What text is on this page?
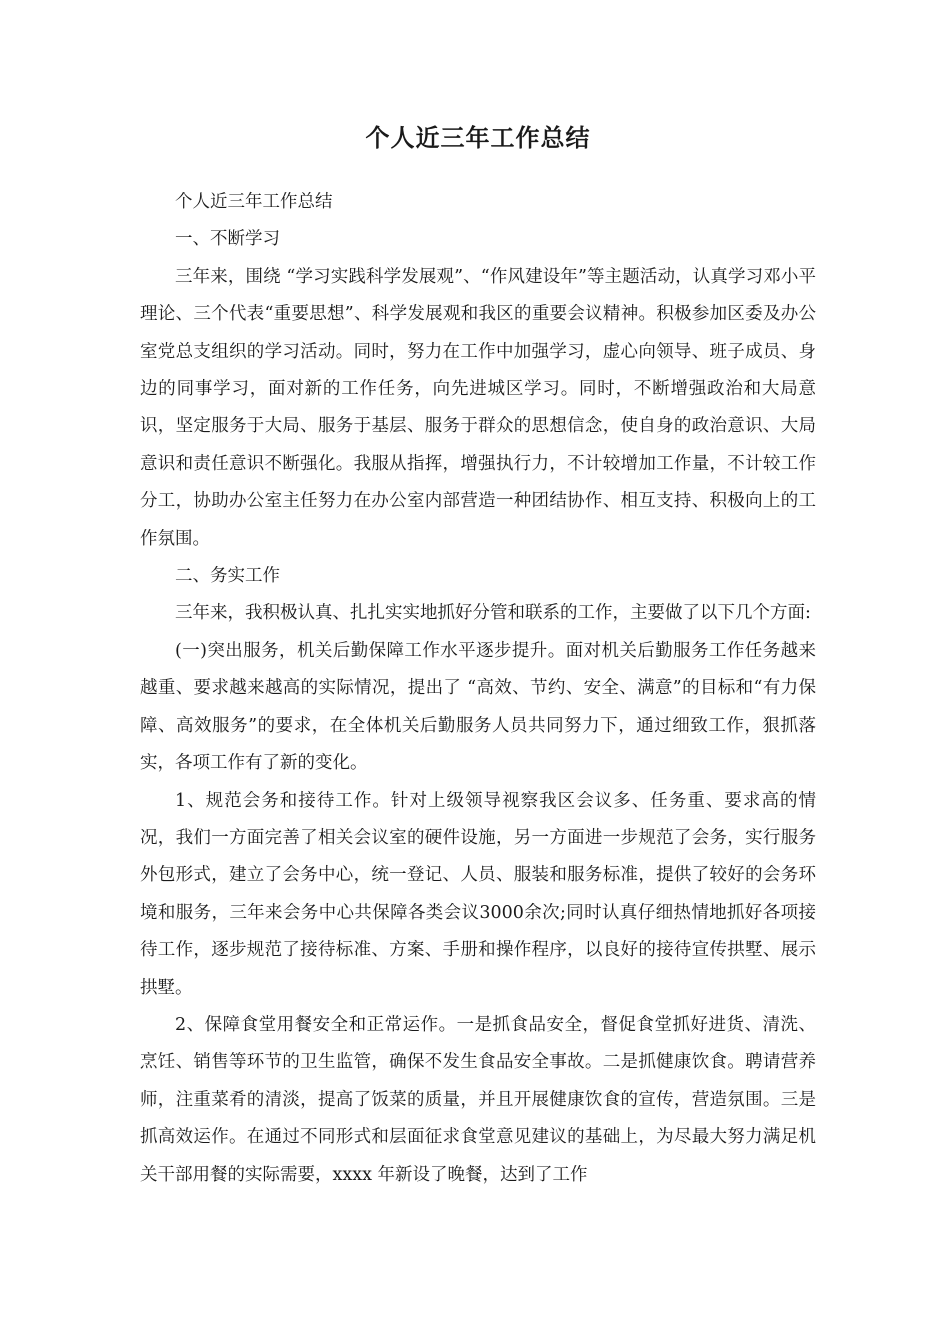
个人近三年工作总结

个人近三年工作总结

一、不断学习

三年来，围绕 “学习实践科学发展观”、“作风建设年”等主题活动，认真学习邓小平理论、三个代表“重要思想”、科学发展观和我区的重要会议精神。积极参加区委及办公室党总支组织的学习活动。同时，努力在工作中加强学习，虚心向领导、班子成员、身边的同事学习，面对新的工作任务，向先进城区学习。同时，不断增强政治和大局意识，坚定服务于大局、服务于基层、服务于群众的思想信念，使自身的政治意识、大局意识和责任意识不断强化。我服从指挥，增强执行力，不计较增加工作量，不计较工作分工，协助办公室主任努力在办公室内部营造一种团结协作、相互支持、积极向上的工作氛围。

二、务实工作

三年来，我积极认真、扎扎实实地抓好分管和联系的工作，主要做了以下几个方面:

(一)突出服务，机关后勤保障工作水平逐步提升。面对机关后勤服务工作任务越来越重、要求越来越高的实际情况，提出了 “高效、节约、安全、满意”的目标和“有力保障、高效服务”的要求，在全体机关后勤服务人员共同努力下，通过细致工作，狠抓落实，各项工作有了新的变化。

1、规范会务和接待工作。针对上级领导视察我区会议多、任务重、要求高的情况，我们一方面完善了相关会议室的硬件设施，另一方面进一步规范了会务，实行服务外包形式，建立了会务中心，统一登记、人员、服装和服务标准，提供了较好的会务环境和服务，三年来会务中心共保障各类会议3000余次;同时认真仔细热情地抓好各项接待工作，逐步规范了接待标准、方案、手册和操作程序，以良好的接待宣传拱墅、展示拱墅。

2、保障食堂用餐安全和正常运作。一是抓食品安全，督促食堂抓好进货、清洗、烹饪、销售等环节的卫生监管，确保不发生食品安全事故。二是抓健康饮食。聘请营养师，注重菜肴的清淡，提高了饭菜的质量，并且开展健康饮食的宣传，营造氛围。三是抓高效运作。在通过不同形式和层面征求食堂意见建议的基础上，为尽最大努力满足机关干部用餐的实际需要，xxxx 年新设了晚餐，达到了工作
